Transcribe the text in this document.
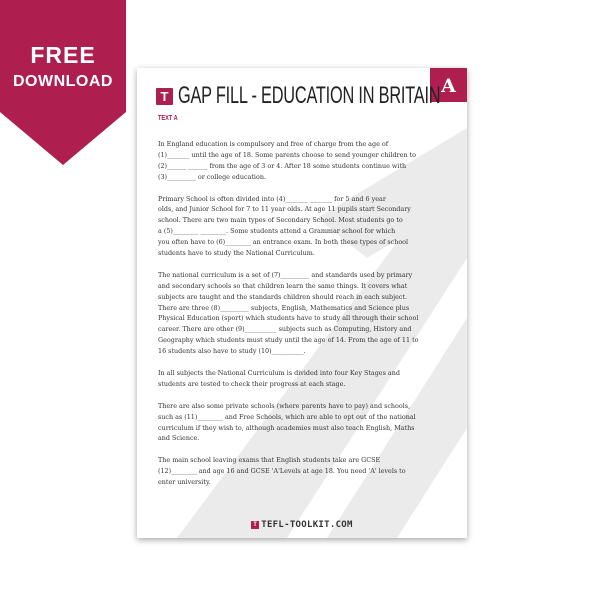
FREE
DOWNLOAD	A
T GAP FILL - EDUCATION IN BRITAIN
TEXT A
In England education is compulsory and free of charge from the age of
(1)_______ until the age of 18. Some parents choose to send younger children to
(2)______ ______ from the age of 3 or 4. After 18 some students continue with
(3)_________ or college education.
Primary School is often divided into (4)_______ _______ for 5 and 6 year
olds, and Junior School for 7 to 11 year olds. At age 11 pupils start Secondary
school. There are two main types of Secondary School. Most students go to
a (5)________ ________. Some students attend a Grammar school for which
you often have to (6)________ an entrance exam. In both these types of school
students have to study the National Curriculum.
The national curriculum is a set of (7)_________ and standards used by primary
and secondary schools so that children learn the same things. It covers what
subjects are taught and the standards children should reach in each subject.
There are three (8)_________ subjects, English, Mathematics and Science plus
Physical Education (sport) which students have to study all through their school
career. There are other (9)__________ subjects such as Computing, History and
Geography which students must study until the age of 14. From the age of 11 to
16 students also have to study (10)__________.
In all subjects the National Curriculum is divided into four Key Stages and
students are tested to check their progress at each stage.
There are also some private schools (where parents have to pay) and schools,
such as (11)________ and Free Schools, which are able to opt out of the national
curriculum if they wish to, although academies must also teach English, Maths
and Science.
The main school leaving exams that English students take are GCSE
(12)________ and age 16 and GCSE 'A'Levels at age 18. You need 'A' levels to
enter university.
T TEFL-TOOLKIT.COM
